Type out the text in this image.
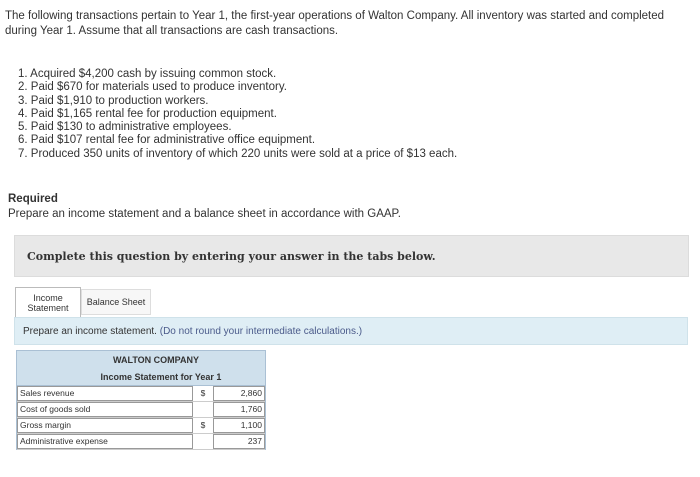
The following transactions pertain to Year 1, the first-year operations of Walton Company. All inventory was started and completed during Year 1. Assume that all transactions are cash transactions.
1. Acquired $4,200 cash by issuing common stock.
2. Paid $670 for materials used to produce inventory.
3. Paid $1,910 to production workers.
4. Paid $1,165 rental fee for production equipment.
5. Paid $130 to administrative employees.
6. Paid $107 rental fee for administrative office equipment.
7. Produced 350 units of inventory of which 220 units were sold at a price of $13 each.
Required
Prepare an income statement and a balance sheet in accordance with GAAP.
Complete this question by entering your answer in the tabs below.
Income
Statement
Balance Sheet
Prepare an income statement. (Do not round your intermediate calculations.)
WALTON COMPANY
Income Statement for Year 1
Sales revenue	$	2,860
Cost of goods sold	1,760
Gross margin	$	1,100
Administrative expense	237
